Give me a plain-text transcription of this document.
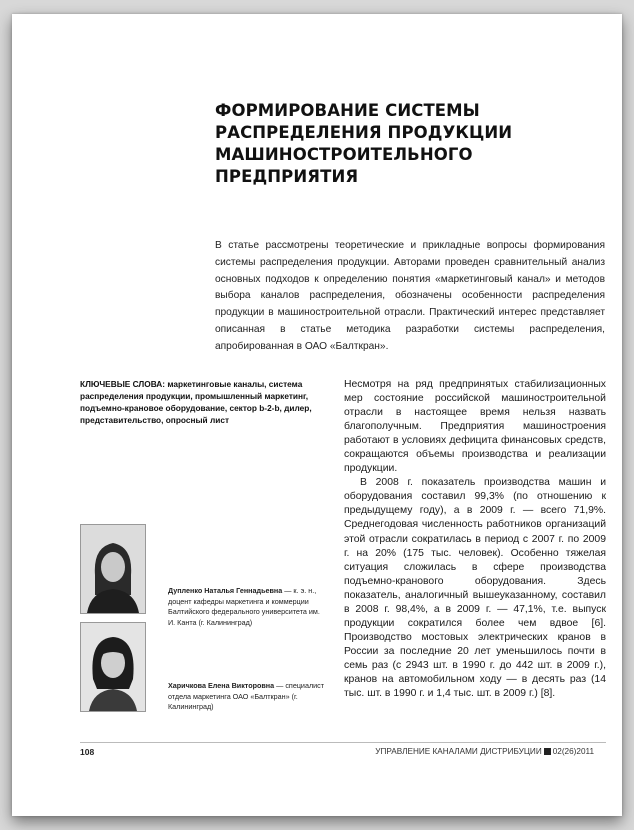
ФОРМИРОВАНИЕ СИСТЕМЫ РАСПРЕДЕЛЕНИЯ ПРОДУКЦИИ МАШИНОСТРОИТЕЛЬНОГО ПРЕДПРИЯТИЯ
В статье рассмотрены теоретические и прикладные вопросы формирования системы распределения продукции. Авторами проведен сравнительный анализ основных подходов к определению понятия «маркетинговый канал» и методов выбора каналов распределения, обозначены особенности распределения продукции в машиностроительной отрасли. Практический интерес представляет описанная в статье методика разработки системы распределения, апробированная в ОАО «Балткран».
КЛЮЧЕВЫЕ СЛОВА: маркетинговые каналы, система распределения продукции, промышленный маркетинг, подъемно-крановое оборудование, сектор b-2-b, дилер, представительство, опросный лист

Несмотря на ряд предпринятых стабилизационных мер состояние российской машиностроительной отрасли в настоящее время нельзя назвать благополучным. Предприятия машиностроения работают в условиях дефицита финансовых средств, сокращаются объемы производства и реализации продукции.

В 2008 г. показатель производства машин и оборудования составил 99,3% (по отношению к предыдущему году), а в 2009 г. — всего 71,9%. Среднегодовая численность работников организаций этой отрасли сократилась в период с 2007 г. по 2009 г. на 20% (175 тыс. человек). Особенно тяжелая ситуация сложилась в сфере производства подъемно-кранового оборудования. Здесь показатель, аналогичный вышеуказанному, составил в 2008 г. 98,4%, а в 2009 г. — 47,1%, т.е. выпуск продукции сократился более чем вдвое [6]. Производство мостовых электрических кранов в России за последние 20 лет уменьшилось почти в семь раз (с 2943 шт. в 1990 г. до 442 шт. в 2009 г.), кранов на автомобильном ходу — в десять раз (14 тыс. шт. в 1990 г. и 1,4 тыс. шт. в 2009 г.) [8].

Дупленко Наталья Геннадьевна — к. э. н., доцент кафедры маркетинга и коммерции Балтийского федерального университета им. И. Канта (г. Калининград)
Харичкова Елена Викторовна — специалист отдела маркетинга ОАО «Балткран» (г. Калининград)
108	УПРАВЛЕНИЕ КАНАЛАМИ ДИСТРИБУЦИИ 02(26)2011
